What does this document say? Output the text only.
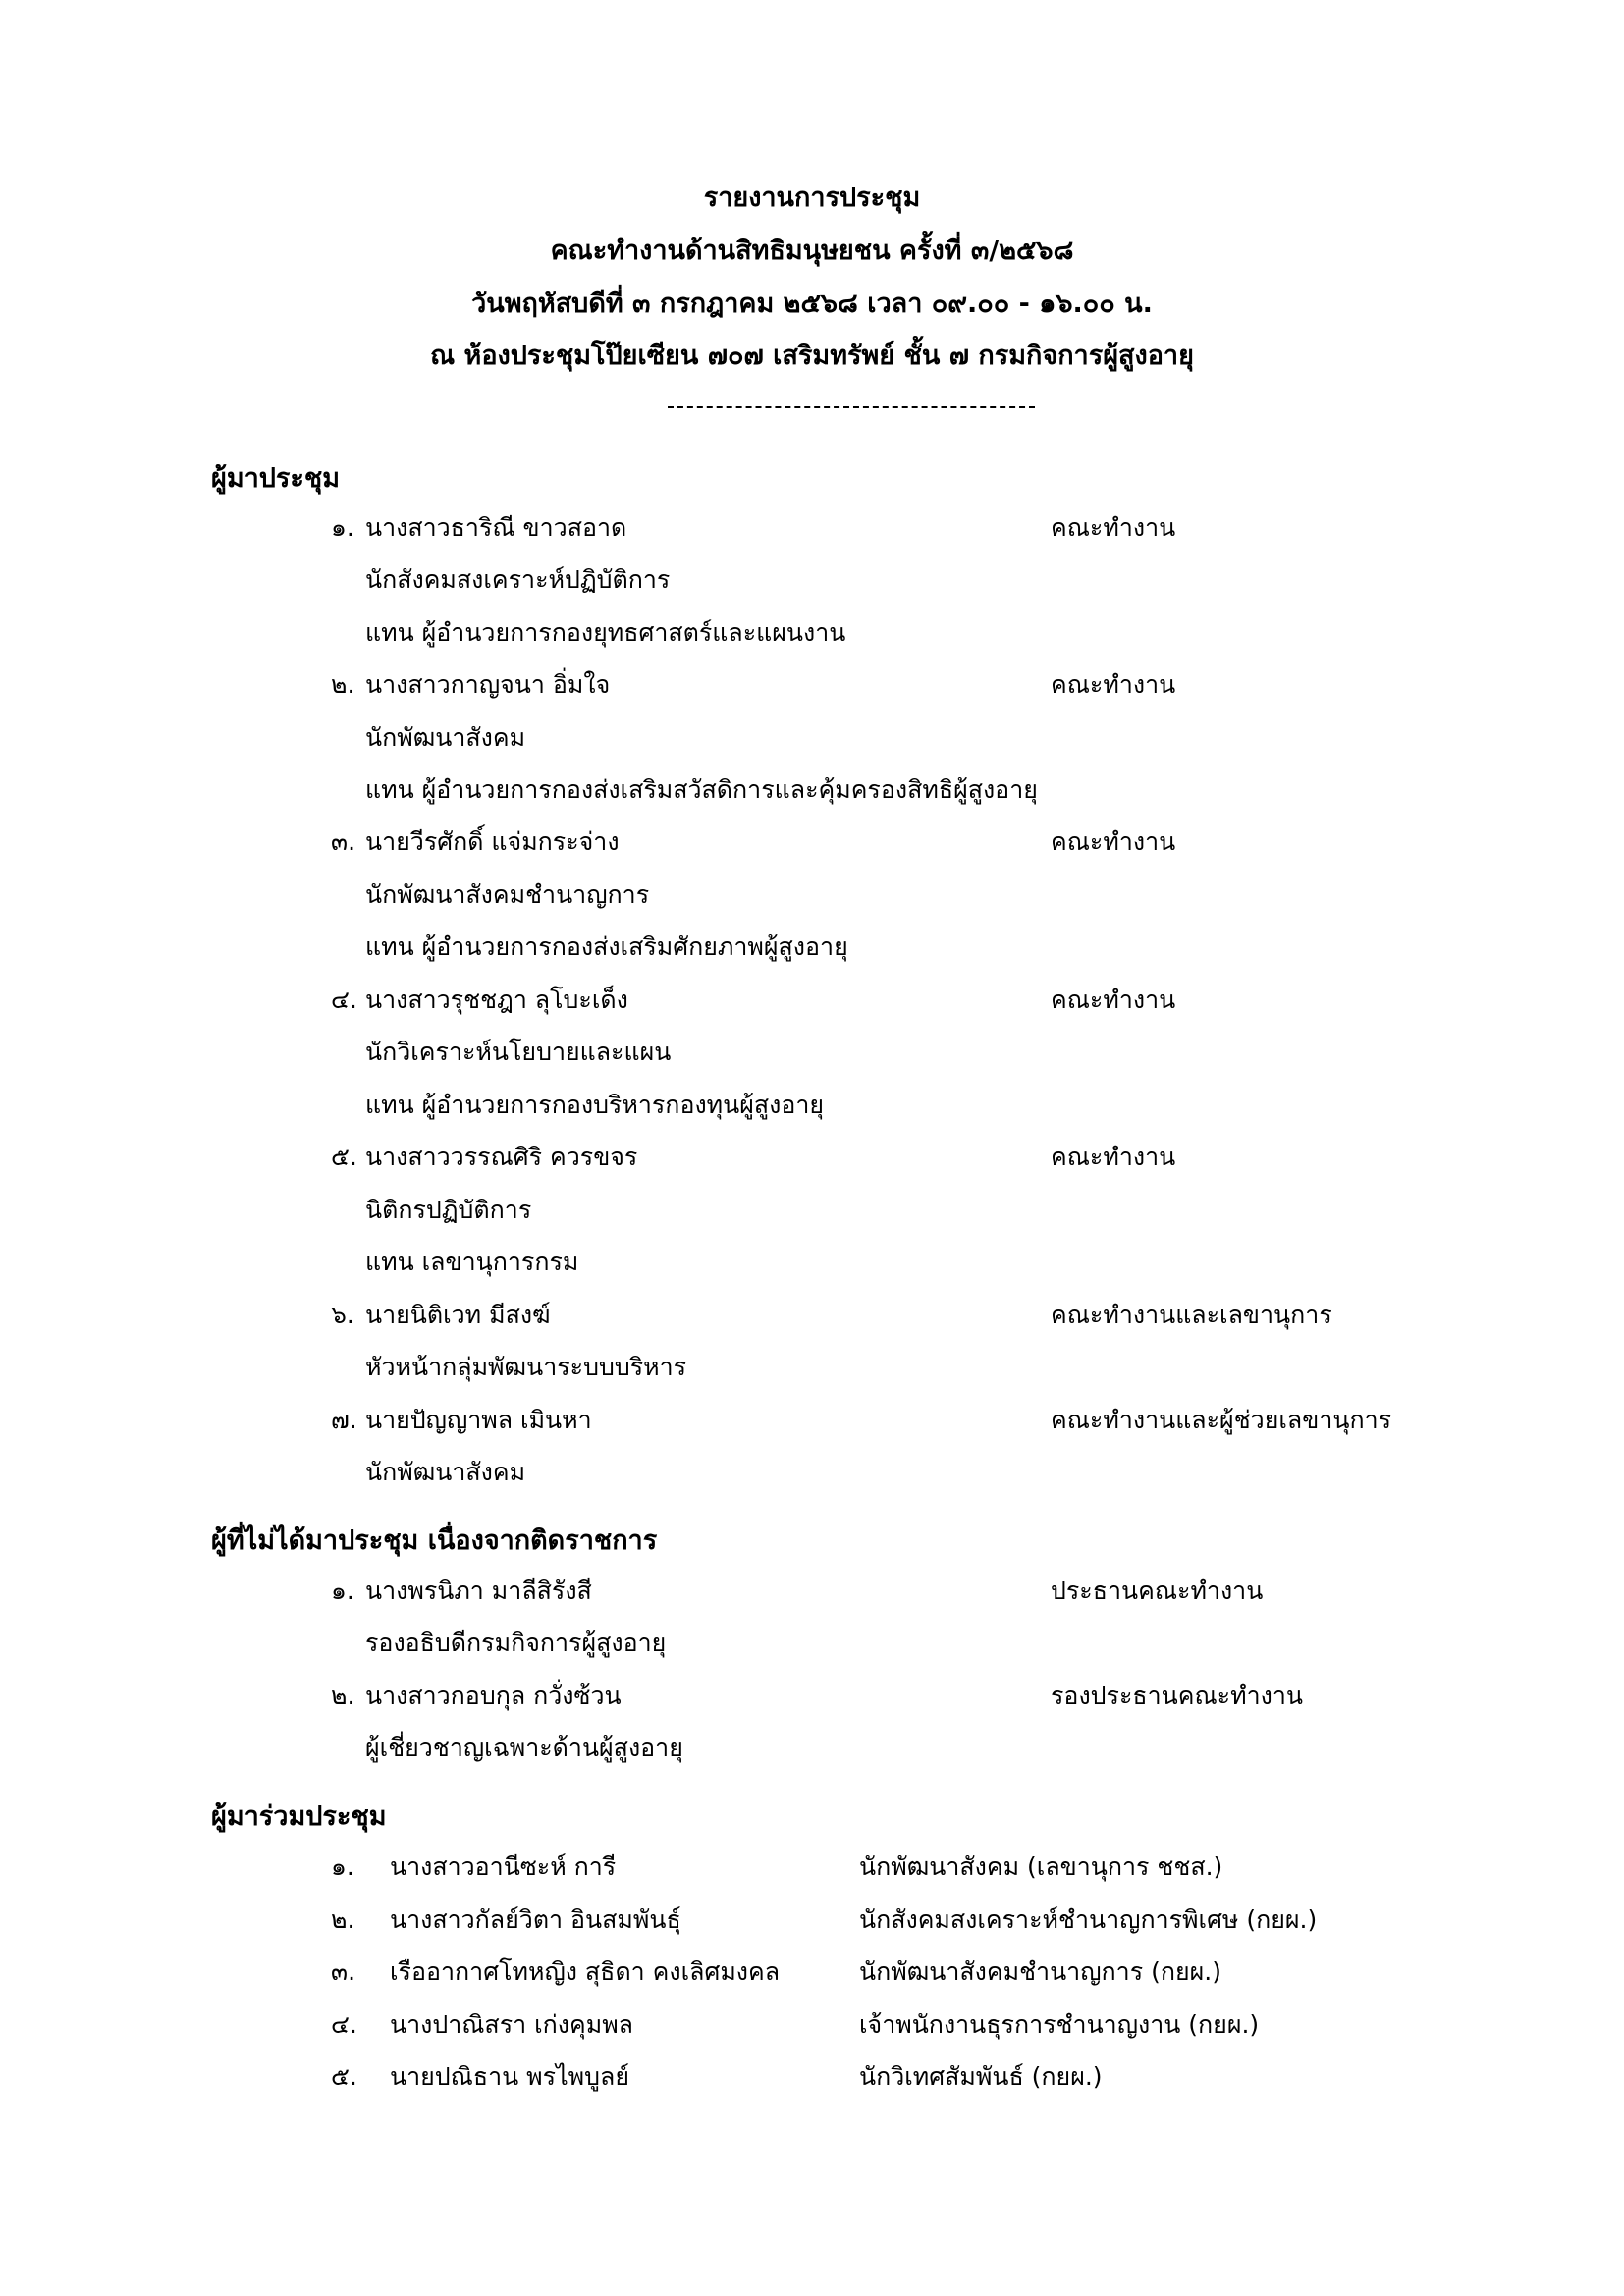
รายงานการประชุม
คณะทำงานด้านสิทธิมนุษยชน ครั้งที่ ๓/๒๕๖๘
วันพฤหัสบดีที่ ๓ กรกฎาคม ๒๕๖๘ เวลา ๐๙.๐๐ - ๑๖.๐๐ น.
ณ ห้องประชุมโป๊ยเซียน ๗๐๗ เสริมทรัพย์ ชั้น ๗ กรมกิจการผู้สูงอายุ
ผู้มาประชุม
๑. นางสาวธาริณี ขาวสอาด	คณะทำงาน
นักสังคมสงเคราะห์ปฏิบัติการ
แทน ผู้อำนวยการกองยุทธศาสตร์และแผนงาน
๒. นางสาวกาญจนา อิ่มใจ	คณะทำงาน
นักพัฒนาสังคม
แทน ผู้อำนวยการกองส่งเสริมสวัสดิการและคุ้มครองสิทธิผู้สูงอายุ
๓. นายวีรศักดิ์ แจ่มกระจ่าง	คณะทำงาน
นักพัฒนาสังคมชำนาญการ
แทน ผู้อำนวยการกองส่งเสริมศักยภาพผู้สูงอายุ
๔. นางสาวรุชชฎา ลุโบะเด็ง	คณะทำงาน
นักวิเคราะห์นโยบายและแผน
แทน ผู้อำนวยการกองบริหารกองทุนผู้สูงอายุ
๕. นางสาววรรณศิริ ควรขจร	คณะทำงาน
นิติกรปฏิบัติการ
แทน เลขานุการกรม
๖. นายนิติเวท มีสงฆ์	คณะทำงานและเลขานุการ
หัวหน้ากลุ่มพัฒนาระบบบริหาร
๗. นายปัญญาพล เมินหา	คณะทำงานและผู้ช่วยเลขานุการ
นักพัฒนาสังคม
ผู้ที่ไม่ได้มาประชุม เนื่องจากติดราชการ
๑. นางพรนิภา มาลีสิรังสี	ประธานคณะทำงาน
รองอธิบดีกรมกิจการผู้สูงอายุ
๒. นางสาวกอบกุล กวั่งซ้วน	รองประธานคณะทำงาน
ผู้เชี่ยวชาญเฉพาะด้านผู้สูงอายุ
ผู้มาร่วมประชุม
๑. นางสาวอานีซะห์ การี	นักพัฒนาสังคม (เลขานุการ ชชส.)
๒. นางสาวกัลย์วิตา อินสมพันธุ์	นักสังคมสงเคราะห์ชำนาญการพิเศษ (กยผ.)
๓. เรืออากาศโทหญิง สุธิดา คงเลิศมงคล	นักพัฒนาสังคมชำนาญการ (กยผ.)
๔. นางปาณิสรา เก่งคุมพล	เจ้าพนักงานธุรการชำนาญงาน (กยผ.)
๕. นายปณิธาน พรไพบูลย์	นักวิเทศสัมพันธ์ (กยผ.)
